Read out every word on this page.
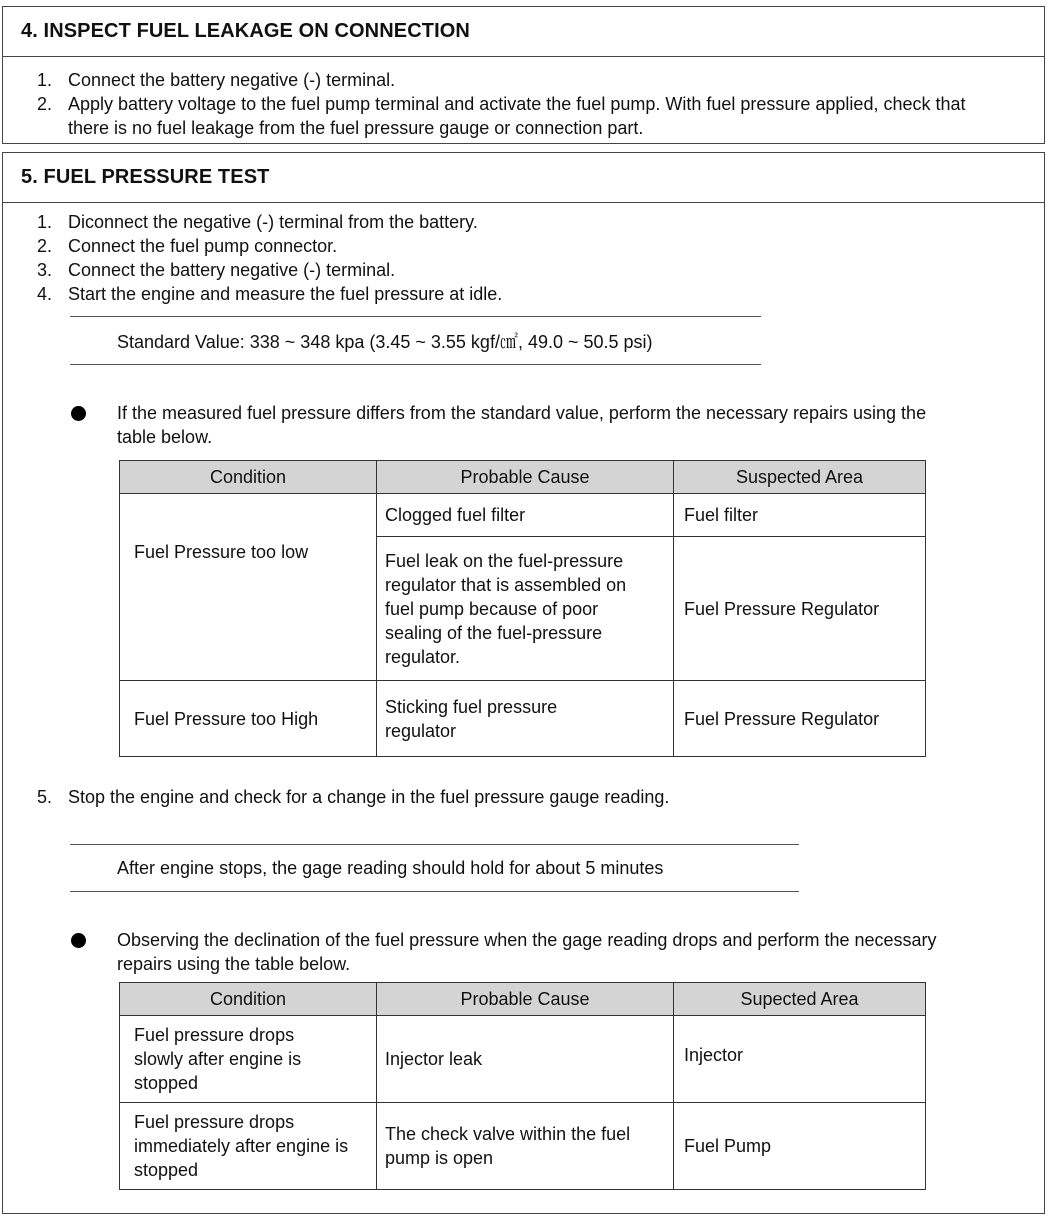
4. INSPECT FUEL LEAKAGE ON CONNECTION
1. Connect the battery negative (-) terminal.
2. Apply battery voltage to the fuel pump terminal and activate the fuel pump. With fuel pressure applied, check that there is no fuel leakage from the fuel pressure gauge or connection part.
5. FUEL PRESSURE TEST
1. Diconnect the negative (-) terminal from the battery.
2. Connect the fuel pump connector.
3. Connect the battery negative (-) terminal.
4. Start the engine and measure the fuel pressure at idle.
Standard Value: 338 ~ 348 kpa (3.45 ~ 3.55 kgf/㎠, 49.0 ~ 50.5 psi)
If the measured fuel pressure differs from the standard value, perform the necessary repairs using the table below.
Condition	Probable Cause	Suspected Area
Fuel Pressure too low	Clogged fuel filter	Fuel filter
	Fuel leak on the fuel-pressure regulator that is assembled on fuel pump because of poor sealing of the fuel-pressure regulator.	Fuel Pressure Regulator
Fuel Pressure too High	Sticking fuel pressure regulator	Fuel Pressure Regulator
5. Stop the engine and check for a change in the fuel pressure gauge reading.
After engine stops, the gage reading should hold for about 5 minutes
Observing the declination of the fuel pressure when the gage reading drops and perform the necessary repairs using the table below.
Condition	Probable Cause	Supected Area
Fuel pressure drops slowly after engine is stopped	Injector leak	Injector
Fuel pressure drops immediately after engine is stopped	The check valve within the fuel pump is open	Fuel Pump
